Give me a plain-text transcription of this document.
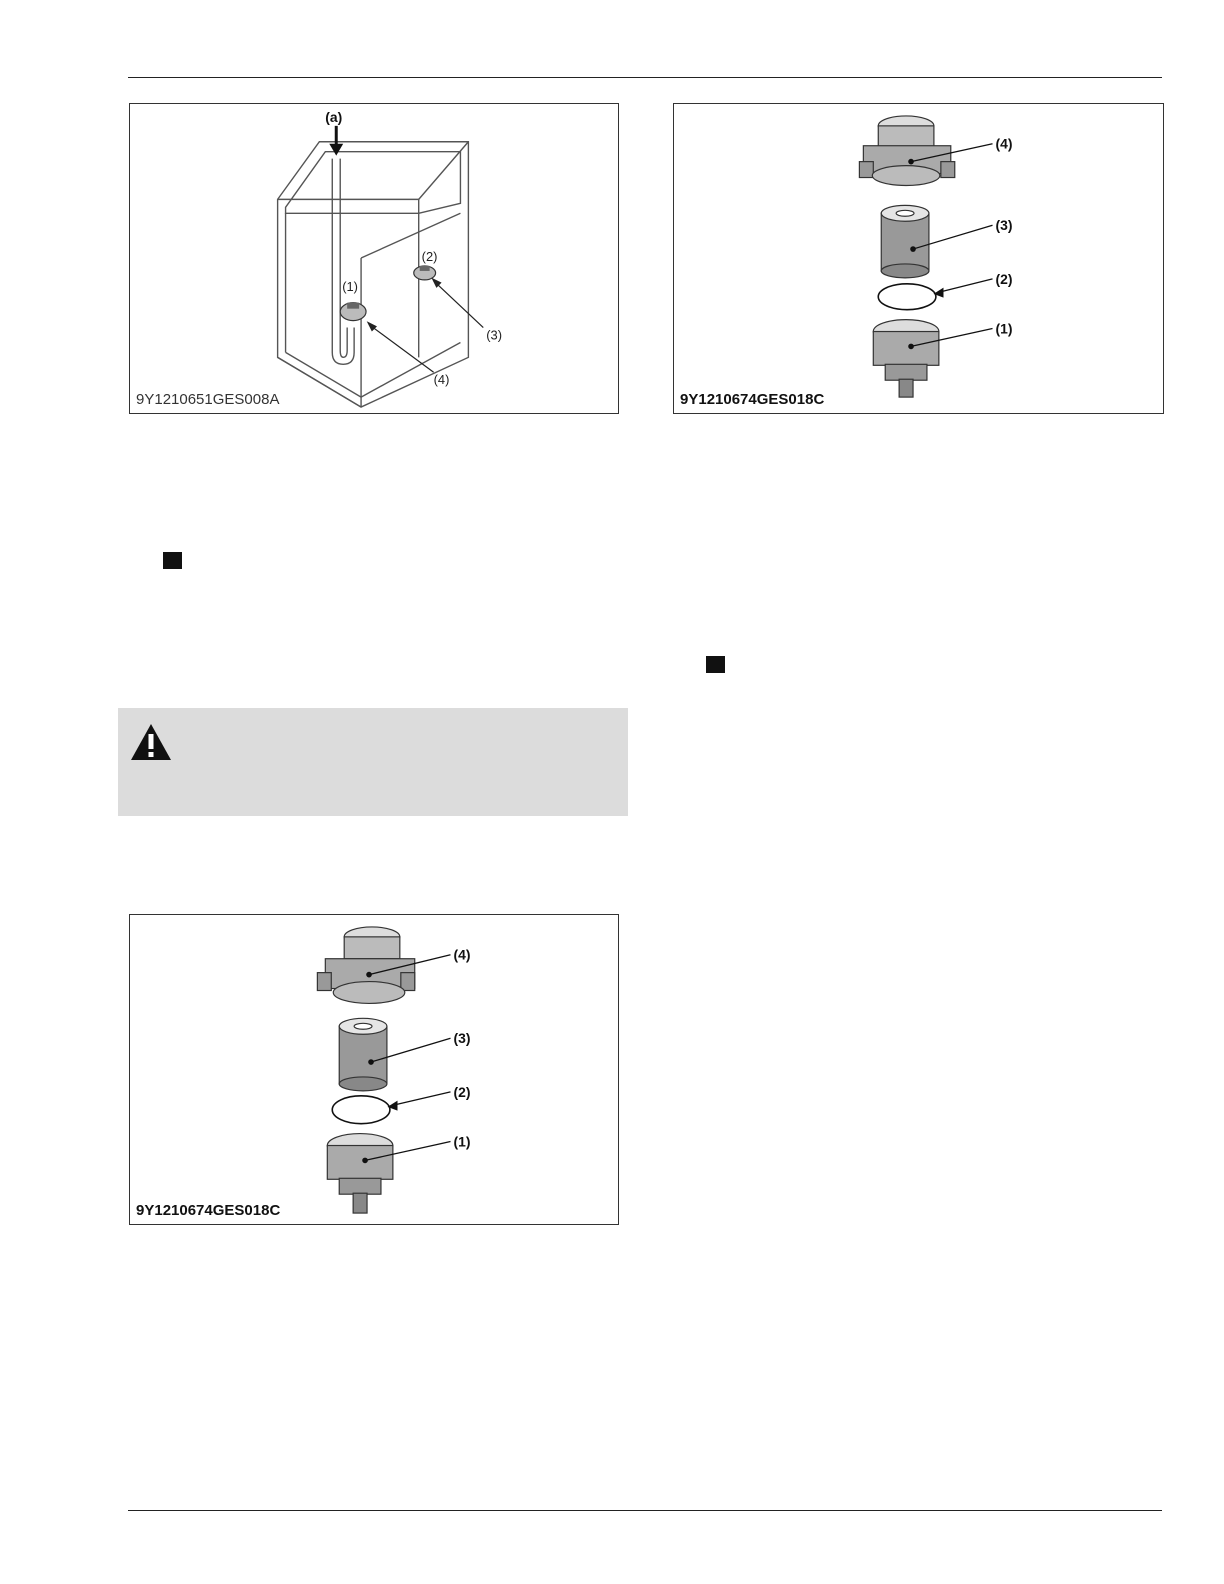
(a)
(1)
(2)
(3)
(4)
9Y1210651GES008A
(4)
(3)
(2)
(1)
9Y1210674GES018C
(4)
(3)
(2)
(1)
9Y1210674GES018C
